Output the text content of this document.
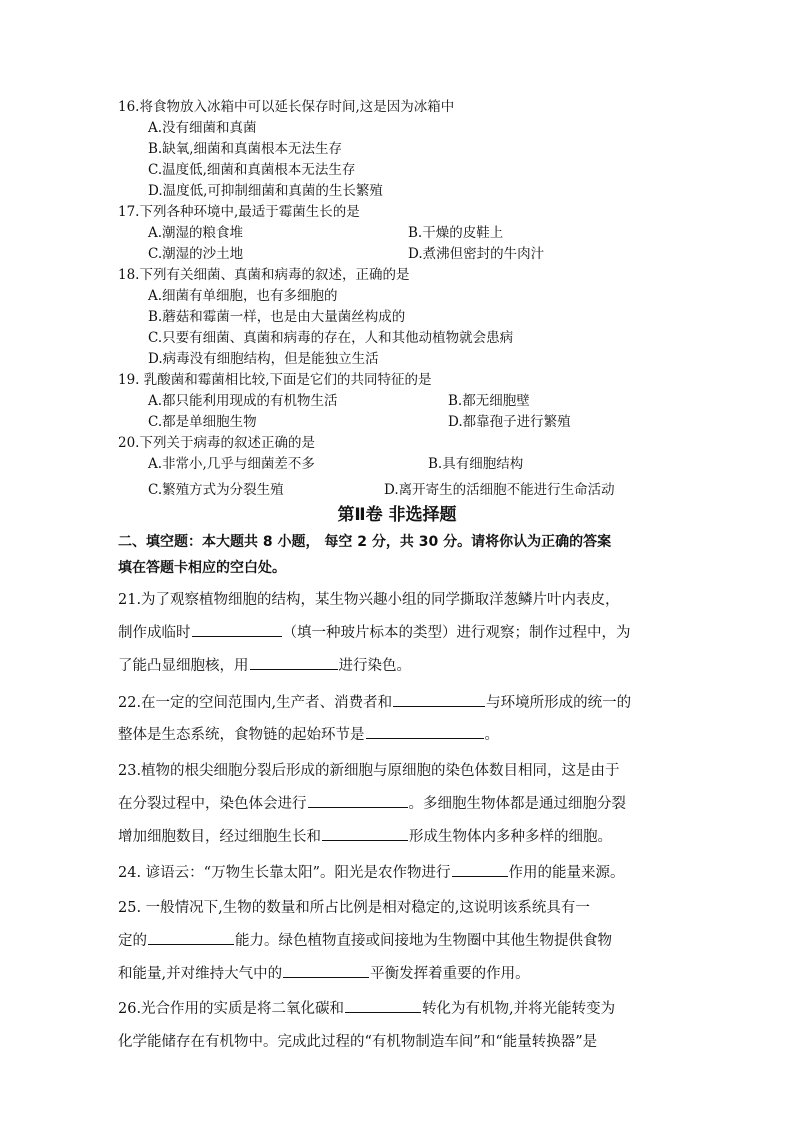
16.将食物放入冰箱中可以延长保存时间,这是因为冰箱中
A.没有细菌和真菌
B.缺氧,细菌和真菌根本无法生存
C.温度低,细菌和真菌根本无法生存
D.温度低,可抑制细菌和真菌的生长繁殖
17.下列各种环境中,最适于霉菌生长的是
A.潮湿的粮食堆	B.干燥的皮鞋上
C.潮湿的沙土地	D.煮沸但密封的牛肉汁
18.下列有关细菌、真菌和病毒的叙述，正确的是
A.细菌有单细胞，也有多细胞的
B.蘑菇和霉菌一样，也是由大量菌丝构成的
C.只要有细菌、真菌和病毒的存在，人和其他动植物就会患病
D.病毒没有细胞结构，但是能独立生活
19. 乳酸菌和霉菌相比较,下面是它们的共同特征的是
A.都只能利用现成的有机物生活	B.都无细胞壁
C.都是单细胞生物	D.都靠孢子进行繁殖
20.下列关于病毒的叙述正确的是
A.非常小,几乎与细菌差不多	B.具有细胞结构
C.繁殖方式为分裂生殖	D.离开寄生的活细胞不能进行生命活动
第Ⅱ卷 非选择题
二、填空题：本大题共 8 小题， 每空 2 分，共 30 分。请将你认为正确的答案
填在答题卡相应的空白处。
21.为了观察植物细胞的结构，某生物兴趣小组的同学撕取洋葱鳞片叶内表皮，
制作成临时	（填一种玻片标本的类型）进行观察；制作过程中，为
了能凸显细胞核，用	进行染色。
22.在一定的空间范围内,生产者、消费者和	与环境所形成的统一的
整体是生态系统，食物链的起始环节是	。
23.植物的根尖细胞分裂后形成的新细胞与原细胞的染色体数目相同，这是由于
在分裂过程中，染色体会进行	。多细胞生物体都是通过细胞分裂
增加细胞数目，经过细胞生长和	形成生物体内多种多样的细胞。
24. 谚语云：“万物生长靠太阳”。阳光是农作物进行	作用的能量来源。
25. 一般情况下,生物的数量和所占比例是相对稳定的,这说明该系统具有一
定的	能力。绿色植物直接或间接地为生物圈中其他生物提供食物
和能量,并对维持大气中的	平衡发挥着重要的作用。
26.光合作用的实质是将二氧化碳和	转化为有机物,并将光能转变为
化学能储存在有机物中。完成此过程的“有机物制造车间”和“能量转换器”是
